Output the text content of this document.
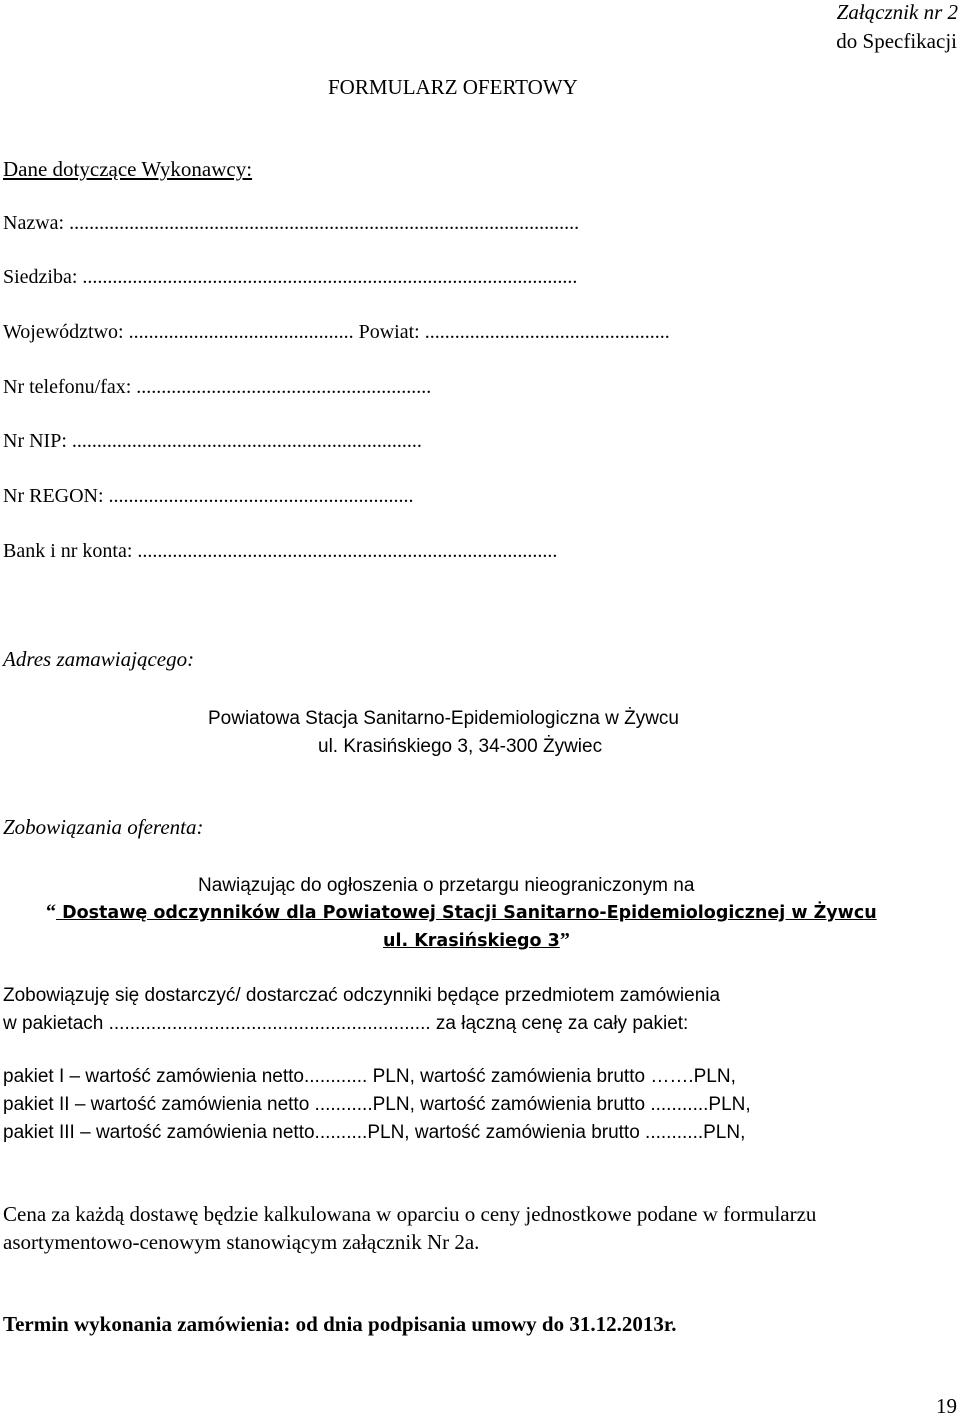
Załącznik nr 2
do Specfikacji
FORMULARZ OFERTOWY
Dane dotyczące Wykonawcy:
Nazwa: ......................................................................................................
Siedziba: ...................................................................................................
Województwo: ............................................. Powiat: .................................................
Nr telefonu/fax: ...........................................................
Nr NIP: ......................................................................
Nr REGON: .............................................................
Bank i nr konta: ....................................................................................
Adres zamawiającego:
Powiatowa Stacja Sanitarno-Epidemiologiczna w Żywcu
ul. Krasińskiego 3, 34-300 Żywiec
Zobowiązania oferenta:
Nawiązując do ogłoszenia o przetargu nieograniczonym na
“ Dostawę odczynników dla Powiatowej Stacji Sanitarno-Epidemiologicznej w Żywcu
ul. Krasińskiego 3”
Zobowiązuję się dostarczyć/ dostarczać odczynniki będące przedmiotem zamówienia
w pakietach ............................................................. za łączną cenę za cały pakiet:
pakiet I – wartość zamówienia netto............ PLN, wartość zamówienia brutto …….PLN,
pakiet II – wartość zamówienia netto ...........PLN, wartość zamówienia brutto ...........PLN,
pakiet III – wartość zamówienia netto..........PLN, wartość zamówienia brutto ...........PLN,
Cena za każdą dostawę będzie kalkulowana w oparciu o ceny jednostkowe podane w formularzu
asortymentowo-cenowym stanowiącym załącznik Nr 2a.
Termin wykonania zamówienia: od dnia podpisania umowy do 31.12.2013r.
19
